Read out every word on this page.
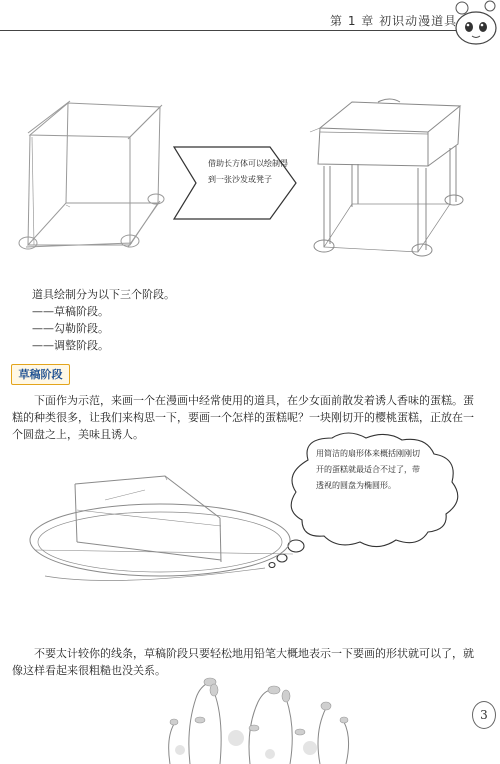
第 1 章 初识动漫道具
借助长方体可以绘制得到一张沙发或凳子
道具绘制分为以下三个阶段。
——草稿阶段。
——勾勒阶段。
——调整阶段。
草稿阶段
下面作为示范，来画一个在漫画中经常使用的道具，在少女面前散发着诱人香味的蛋糕。蛋糕的种类很多，让我们来构思一下，要画一个怎样的蛋糕呢？一块刚切开的樱桃蛋糕，正放在一个圆盘之上，美味且诱人。
用简洁的扇形体来概括刚刚切开的蛋糕就最适合不过了，带透视的圆盘为椭圆形。
不要太计较你的线条，草稿阶段只要轻松地用铅笔大概地表示一下要画的形状就可以了，就像这样看起来很粗糙也没关系。
3
